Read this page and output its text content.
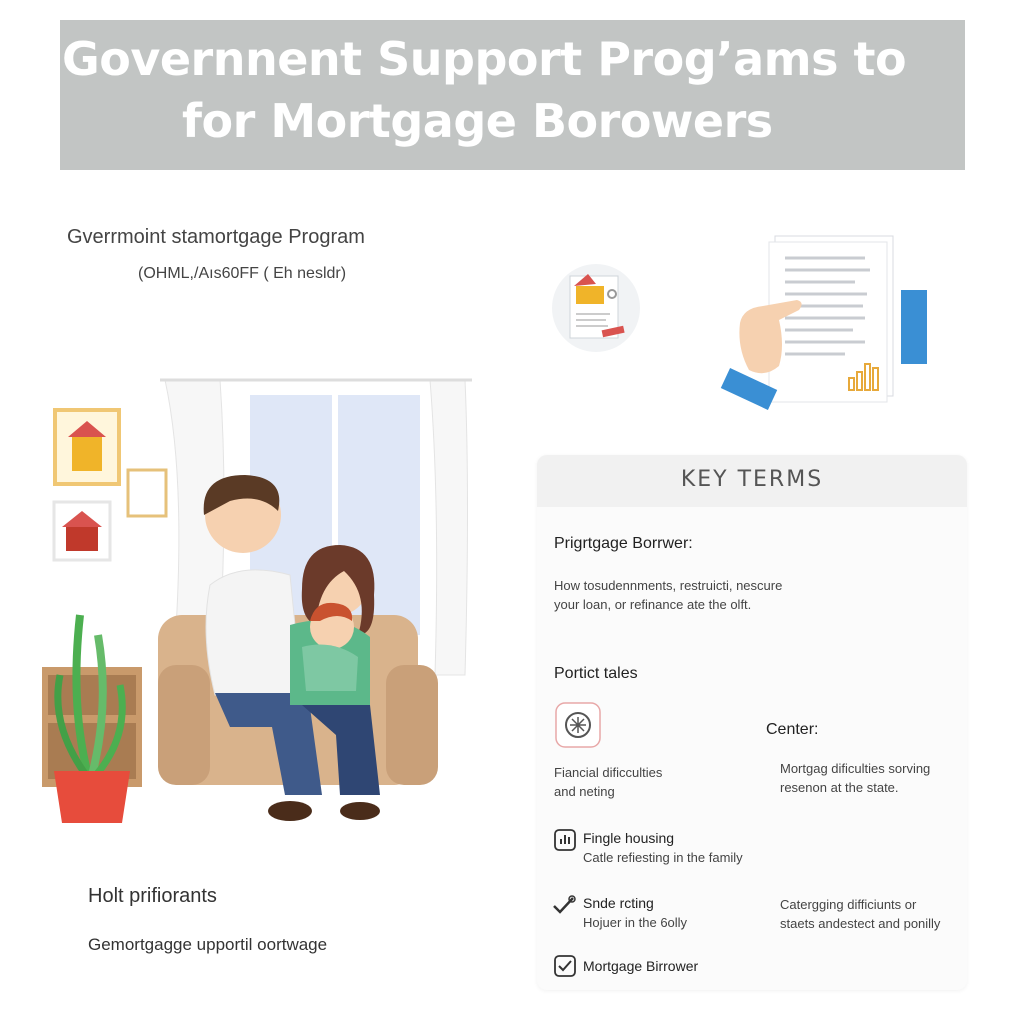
Governnent Support Prog’ams to
for Mortgage Borowers
Gverrmoint stamortgage Program
(OHML,/Aıs60FF ( Eh nesldr)
KEY TERMS
Prigrtgage Borrwer:
How tosudennments, restruicti, nescure
your loan, or refinance ate the olft.
Portict tales
Center:
Fiancial dificculties
and neting
Mortgag dificulties sorving
resenon at the state.
Fingle housing
Catle refiesting in the family
Snde rcting
Hojuer in the 6olly
Catergging difficiunts or
staets andestect and ponilly
Mortgage Birrower
Holt prifiorants
Gemortgagge upportil oortwage
